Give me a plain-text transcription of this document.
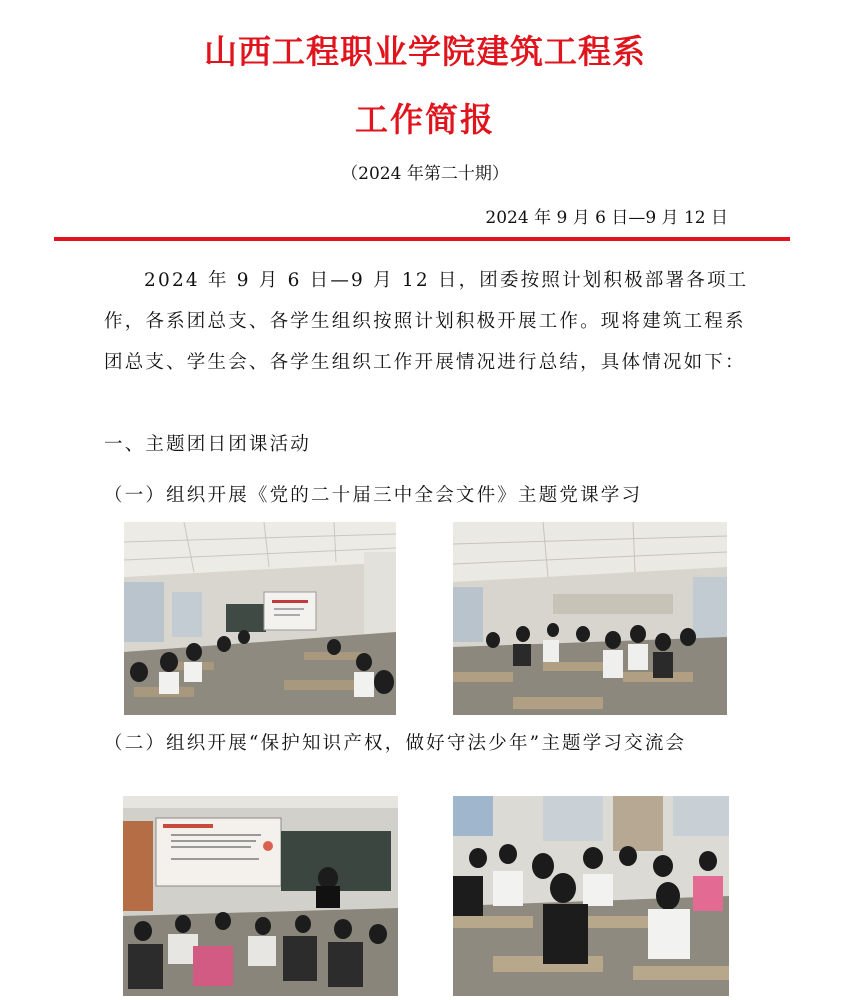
山西工程职业学院建筑工程系
工作简报
（2024 年第二十期）
2024 年 9 月 6 日—9 月 12 日

2024 年 9 月 6 日—9 月 12 日，团委按照计划积极部署各项工作，各系团总支、各学生组织按照计划积极开展工作。现将建筑工程系团总支、学生会、各学生组织工作开展情况进行总结，具体情况如下：

一、主题团日团课活动
（一）组织开展《党的二十届三中全会文件》主题党课学习
（二）组织开展“保护知识产权，做好守法少年”主题学习交流会
